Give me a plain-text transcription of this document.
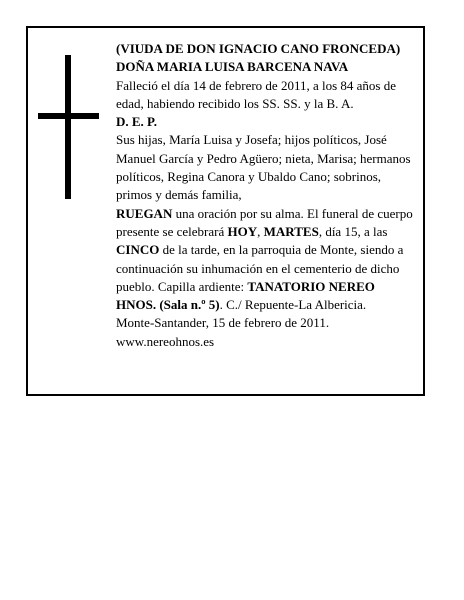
(VIUDA DE DON IGNACIO CANO FRONCEDA)

DOÑA MARIA LUISA BARCENA NAVA

Falleció el día 14 de febrero de 2011, a los 84 años de edad, habiendo recibido los SS. SS. y la B. A.

D. E. P.

Sus hijas, María Luisa y Josefa; hijos políticos, José Manuel García y Pedro Agüero; nieta, Marisa; hermanos políticos, Regina Canora y Ubaldo Cano; sobrinos, primos y demás familia,

RUEGAN una oración por su alma. El funeral de cuerpo presente se celebrará HOY, MARTES, día 15, a las CINCO de la tarde, en la parroquia de Monte, siendo a continuación su inhumación en el cementerio de dicho pueblo. Capilla ardiente: TANATORIO NEREO HNOS. (Sala n.º 5). C./ Repuente-La Albericia.

Monte-Santander, 15 de febrero de 2011.

www.nereohnos.es
